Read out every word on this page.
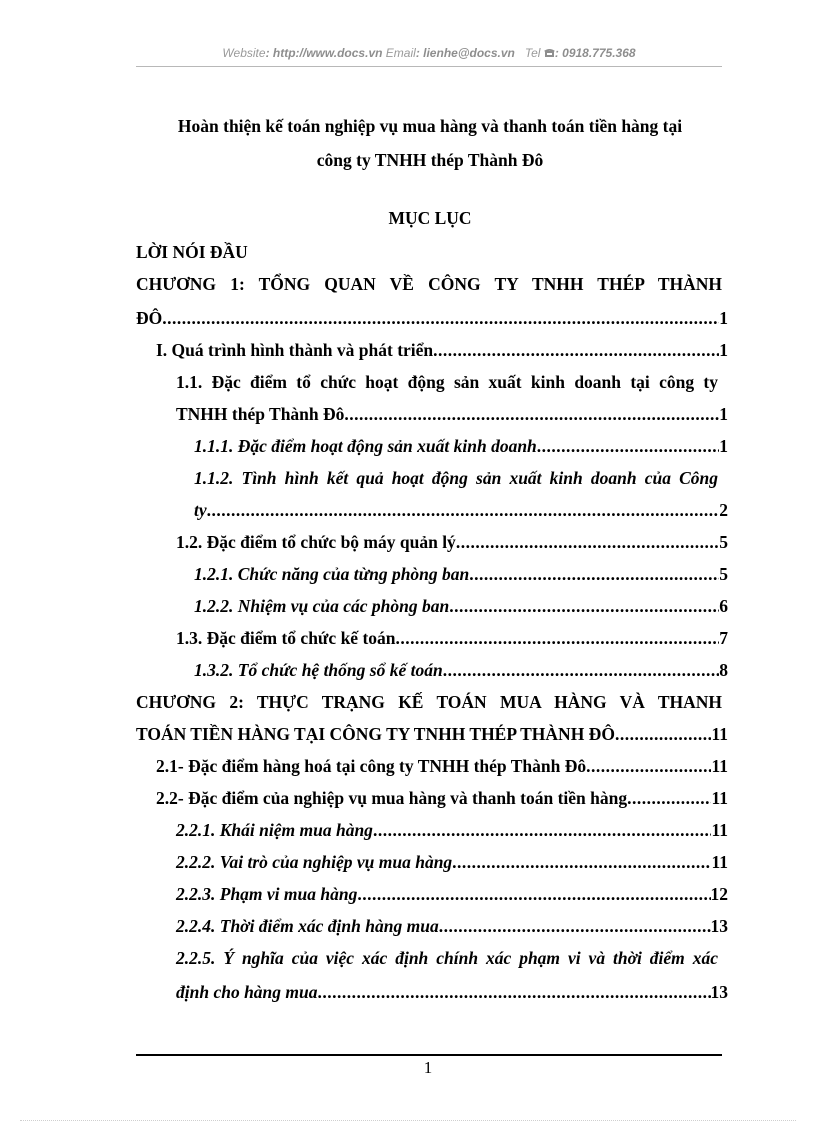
Website: http://www.docs.vn Email: lienhe@docs.vn Tel : 0918.775.368
Hoàn thiện kế toán nghiệp vụ mua hàng và thanh toán tiền hàng tại
công ty TNHH thép Thành Đô
MỤC LỤC
LỜI NÓI ĐẦU
CHƯƠNG 1: TỔNG QUAN VỀ CÔNG TY TNHH THÉP THÀNH
ĐÔ .....	1
I. Quá trình hình thành và phát triển .....	1
1.1. Đặc điểm tổ chức hoạt động sản xuất kinh doanh tại công ty
TNHH thép Thành Đô .....	1
1.1.1. Đặc điểm hoạt động sản xuất kinh doanh .....	1
1.1.2. Tình hình kết quả hoạt động sản xuất kinh doanh của Công
ty .....	2
1.2. Đặc điểm tổ chức bộ máy quản lý .....	5
1.2.1. Chức năng của từng phòng ban .....	5
1.2.2. Nhiệm vụ của các phòng ban .....	6
1.3. Đặc điểm tổ chức kế toán .....	7
1.3.2. Tổ chức hệ thống sổ kế toán .....	8
CHƯƠNG 2: THỰC TRẠNG KẾ TOÁN MUA HÀNG VÀ THANH
TOÁN TIỀN HÀNG TẠI CÔNG TY TNHH THÉP THÀNH ĐÔ .....	11
2.1- Đặc điểm hàng hoá tại công ty TNHH thép Thành Đô .....	11
2.2- Đặc điểm của nghiệp vụ mua hàng và thanh toán tiền hàng .....	11
2.2.1. Khái niệm mua hàng .....	11
2.2.2. Vai trò của nghiệp vụ mua hàng .....	11
2.2.3. Phạm vi mua hàng .....	12
2.2.4. Thời điểm xác định hàng mua .....	13
2.2.5. Ý nghĩa của việc xác định chính xác phạm vi và thời điểm xác
định cho hàng mua .....	13
1
